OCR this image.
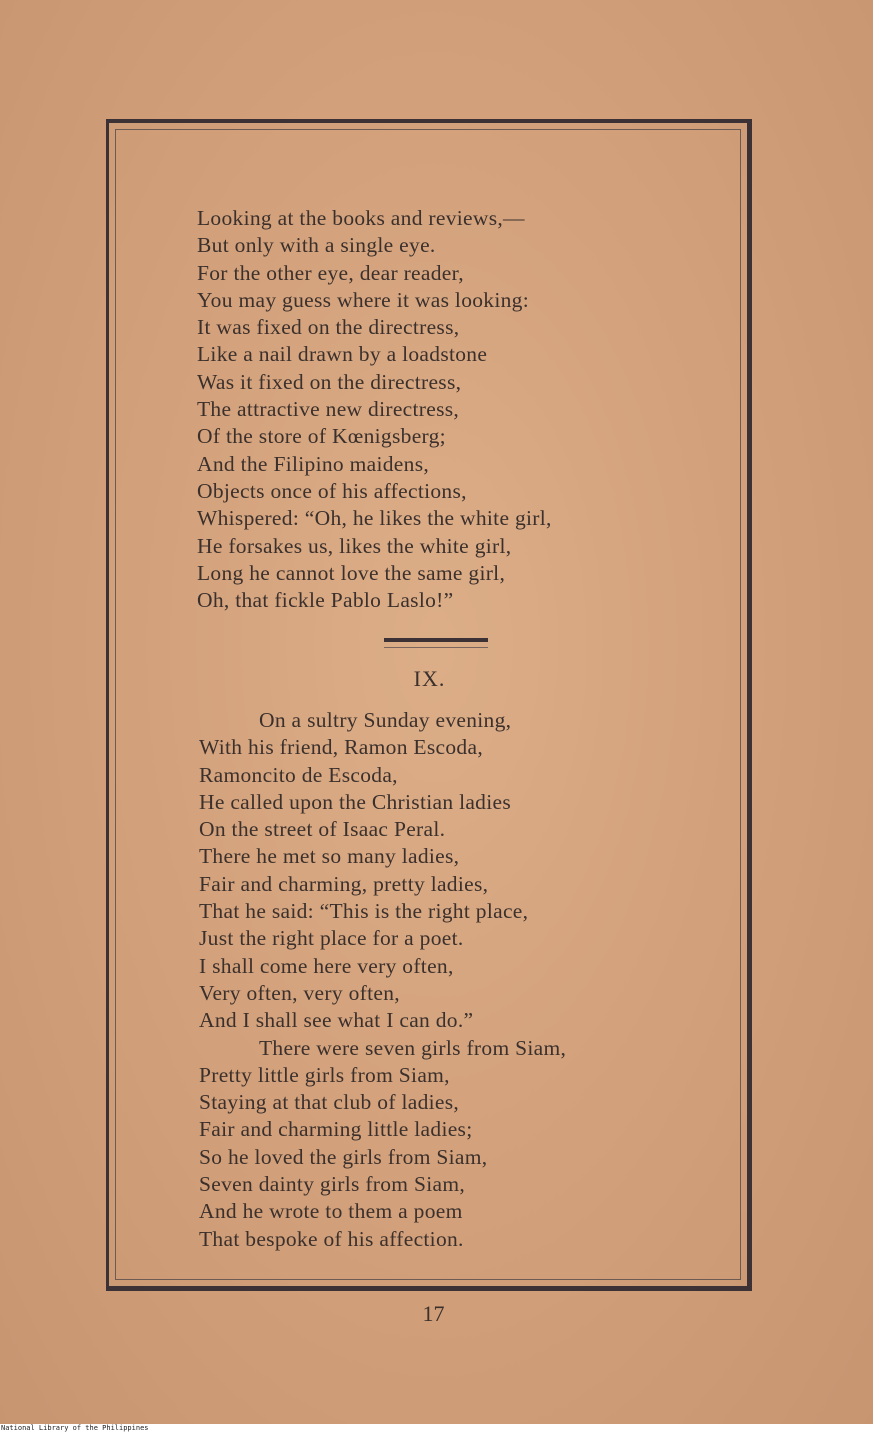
Looking at the books and reviews,—
But only with a single eye.
For the other eye, dear reader,
You may guess where it was looking:
It was fixed on the directress,
Like a nail drawn by a loadstone
Was it fixed on the directress,
The attractive new directress,
Of the store of Kœnigsberg;
And the Filipino maidens,
Objects once of his affections,
Whispered: “Oh, he likes the white girl,
He forsakes us, likes the white girl,
Long he cannot love the same girl,
Oh, that fickle Pablo Laslo!”
IX.
On a sultry Sunday evening,
With his friend, Ramon Escoda,
Ramoncito de Escoda,
He called upon the Christian ladies
On the street of Isaac Peral.
There he met so many ladies,
Fair and charming, pretty ladies,
That he said: “This is the right place,
Just the right place for a poet.
I shall come here very often,
Very often, very often,
And I shall see what I can do.”
There were seven girls from Siam,
Pretty little girls from Siam,
Staying at that club of ladies,
Fair and charming little ladies;
So he loved the girls from Siam,
Seven dainty girls from Siam,
And he wrote to them a poem
That bespoke of his affection.
17
National Library of the Philippines
